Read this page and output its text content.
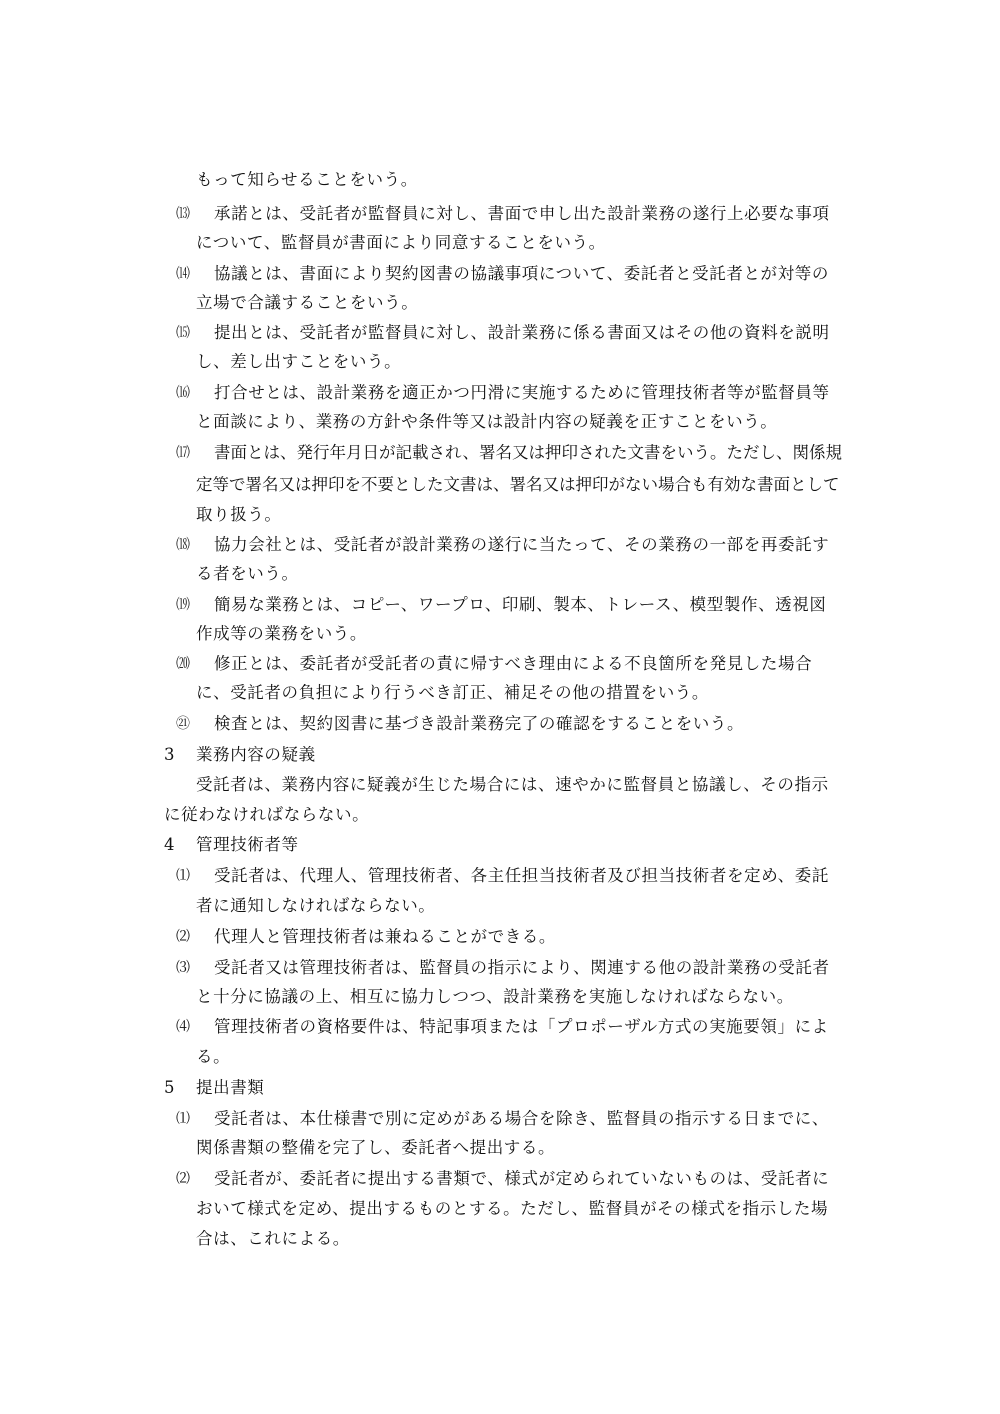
もって知らせることをいう。
⒀ 承諾とは、受託者が監督員に対し、書面で申し出た設計業務の遂行上必要な事項
について、監督員が書面により同意することをいう。
⒁ 協議とは、書面により契約図書の協議事項について、委託者と受託者とが対等の
立場で合議することをいう。
⒂ 提出とは、受託者が監督員に対し、設計業務に係る書面又はその他の資料を説明
し、差し出すことをいう。
⒃ 打合せとは、設計業務を適正かつ円滑に実施するために管理技術者等が監督員等
と面談により、業務の方針や条件等又は設計内容の疑義を正すことをいう。
⒄ 書面とは、発行年月日が記載され、署名又は押印された文書をいう。ただし、関係規
定等で署名又は押印を不要とした文書は、署名又は押印がない場合も有効な書面として
取り扱う。
⒅ 協力会社とは、受託者が設計業務の遂行に当たって、その業務の一部を再委託す
る者をいう。
⒆ 簡易な業務とは、コピー、ワープロ、印刷、製本、トレース、模型製作、透視図
作成等の業務をいう。
⒇ 修正とは、委託者が受託者の責に帰すべき理由による不良箇所を発見した場合
に、受託者の負担により行うべき訂正、補足その他の措置をいう。
㉑ 検査とは、契約図書に基づき設計業務完了の確認をすることをいう。
3 業務内容の疑義
受託者は、業務内容に疑義が生じた場合には、速やかに監督員と協議し、その指示
に従わなければならない。
4 管理技術者等
⑴ 受託者は、代理人、管理技術者、各主任担当技術者及び担当技術者を定め、委託
者に通知しなければならない。
⑵ 代理人と管理技術者は兼ねることができる。
⑶ 受託者又は管理技術者は、監督員の指示により、関連する他の設計業務の受託者
と十分に協議の上、相互に協力しつつ、設計業務を実施しなければならない。
⑷ 管理技術者の資格要件は、特記事項または「プロポーザル方式の実施要領」によ
る。
5 提出書類
⑴ 受託者は、本仕様書で別に定めがある場合を除き、監督員の指示する日までに、
関係書類の整備を完了し、委託者へ提出する。
⑵ 受託者が、委託者に提出する書類で、様式が定められていないものは、受託者に
おいて様式を定め、提出するものとする。ただし、監督員がその様式を指示した場
合は、これによる。
